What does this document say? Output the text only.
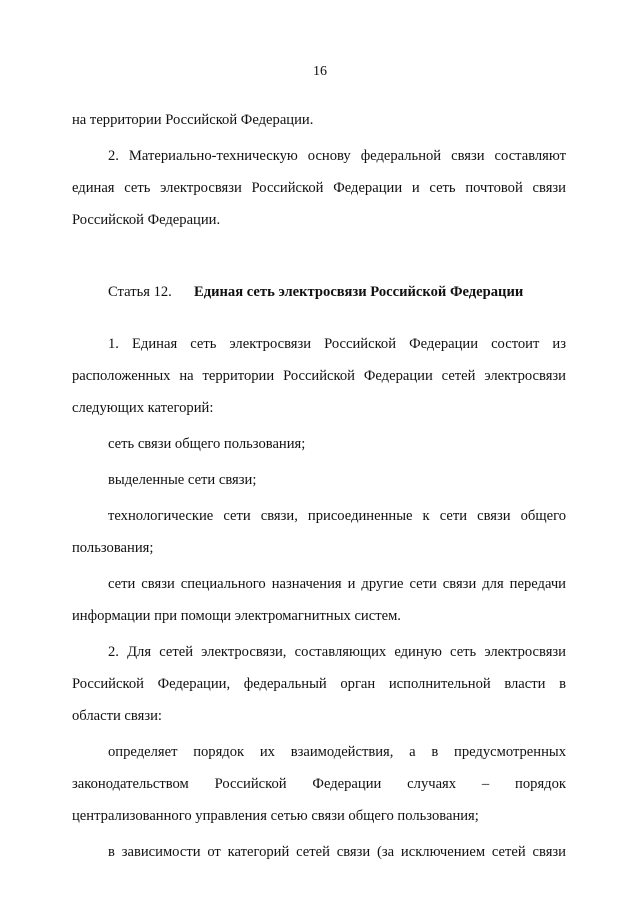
16

на территории Российской Федерации.

2. Материально-техническую основу федеральной связи составляют
единая сеть электросвязи Российской Федерации и сеть почтовой связи
Российской Федерации.

Статья 12.	Единая сеть электросвязи Российской Федерации

1. Единая сеть электросвязи Российской Федерации состоит из
расположенных на территории Российской Федерации сетей электросвязи
следующих категорий:

сеть связи общего пользования;

выделенные сети связи;

технологические сети связи, присоединенные к сети связи общего
пользования;

сети связи специального назначения и другие сети связи для передачи
информации при помощи электромагнитных систем.

2. Для сетей электросвязи, составляющих единую сеть электросвязи
Российской Федерации, федеральный орган исполнительной власти в
области связи:

определяет порядок их взаимодействия, а в предусмотренных
законодательством Российской Федерации случаях – порядок
централизованного управления сетью связи общего пользования;

в зависимости от категорий сетей связи (за исключением сетей связи
